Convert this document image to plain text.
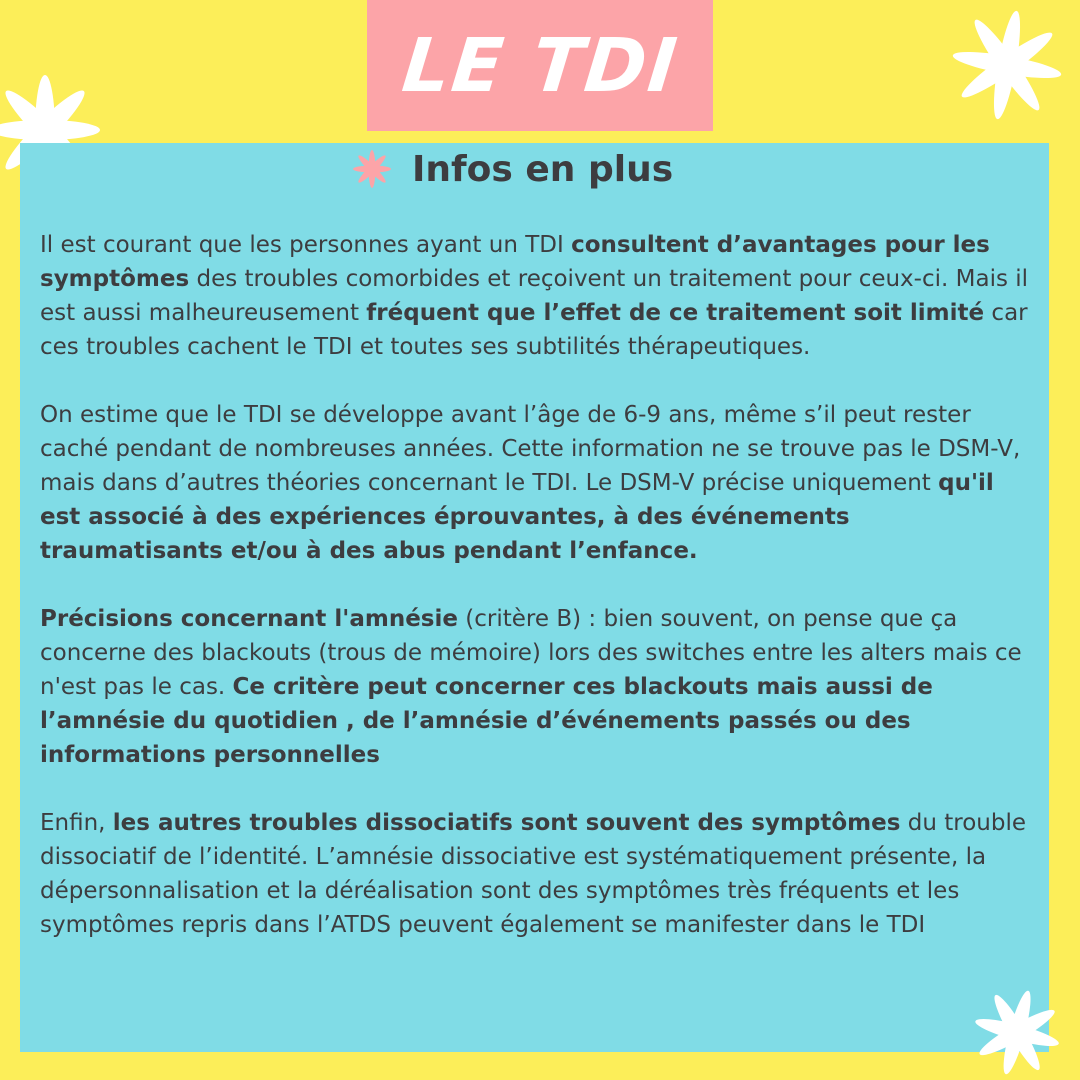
LE TDI
Infos en plus

Il est courant que les personnes ayant un TDI consultent d’avantages pour les symptômes des troubles comorbides et reçoivent un traitement pour ceux-ci. Mais il est aussi malheureusement fréquent que l’effet de ce traitement soit limité car ces troubles cachent le TDI et toutes ses subtilités thérapeutiques.

On estime que le TDI se développe avant l’âge de 6-9 ans, même s’il peut rester caché pendant de nombreuses années. Cette information ne se trouve pas le DSM-V, mais dans d’autres théories concernant le TDI. Le DSM-V précise uniquement qu'il est associé à des expériences éprouvantes, à des événements traumatisants et/ou à des abus pendant l’enfance.

Précisions concernant l'amnésie (critère B) : bien souvent, on pense que ça concerne des blackouts (trous de mémoire) lors des switches entre les alters mais ce n'est pas le cas. Ce critère peut concerner ces blackouts mais aussi de l’amnésie du quotidien , de l’amnésie d’événements passés ou des informations personnelles

Enfin, les autres troubles dissociatifs sont souvent des symptômes du trouble dissociatif de l’identité. L’amnésie dissociative est systématiquement présente, la dépersonnalisation et la déréalisation sont des symptômes très fréquents et les symptômes repris dans l’ATDS peuvent également se manifester dans le TDI
